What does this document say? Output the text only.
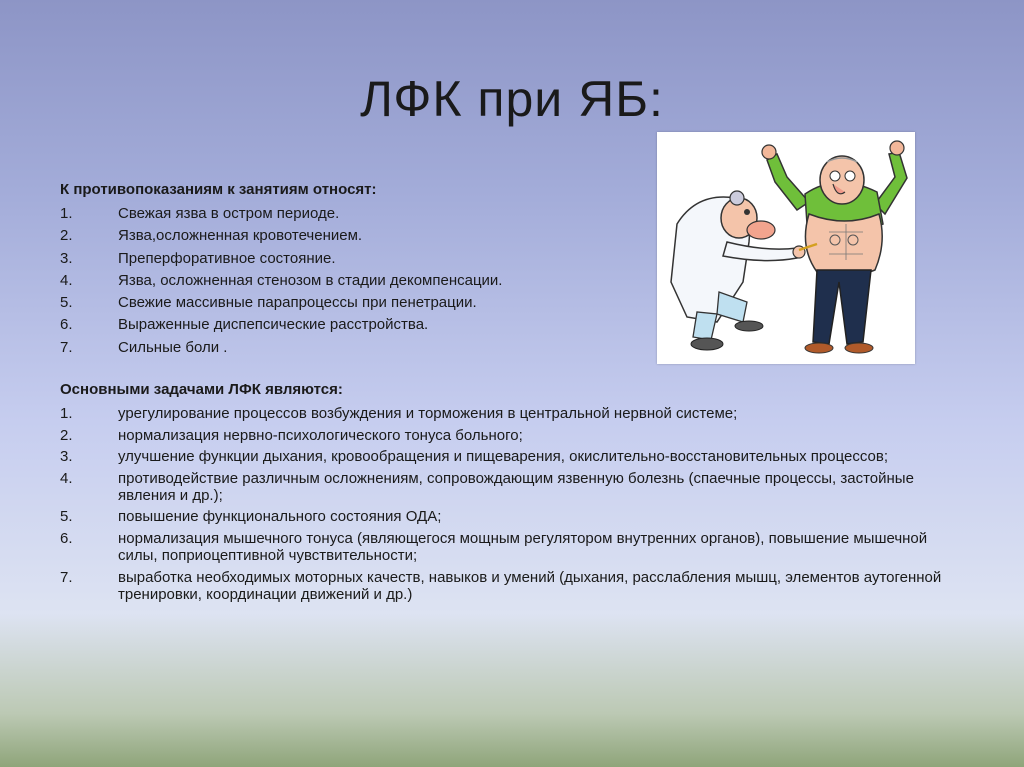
ЛФК при ЯБ:
К противопоказаниям к занятиям относят:
1.	Свежая язва в остром периоде.
2.	Язва,осложненная кровотечением.
3.	Преперфоративное состояние.
4.	Язва, осложненная стенозом в стадии декомпенсации.
5.	Свежие массивные парапроцессы при пенетрации.
6.	Выраженные диспепсические расстройства.
7.	Сильные боли .
Основными задачами ЛФК являются:
1.	урегулирование процессов возбуждения и торможения в центральной нервной системе;
2.	нормализация нервно-психологического тонуса больного;
3.	улучшение функции дыхания, кровообращения и пищеварения, окислительно-восстановительных процессов;
4.	противодействие различным осложнениям, сопровождающим язвенную болезнь (спаечные процессы, застойные явления и др.);
5.	повышение функционального состояния ОДА;
6.	нормализация мышечного тонуса (являющегося мощным регулятором внутренних органов), повышение мышечной силы, поприоцептивной чувствительности;
7.	выработка необходимых моторных качеств, навыков и умений (дыхания, расслабления мышц, элементов аутогенной тренировки, координации движений и др.)
